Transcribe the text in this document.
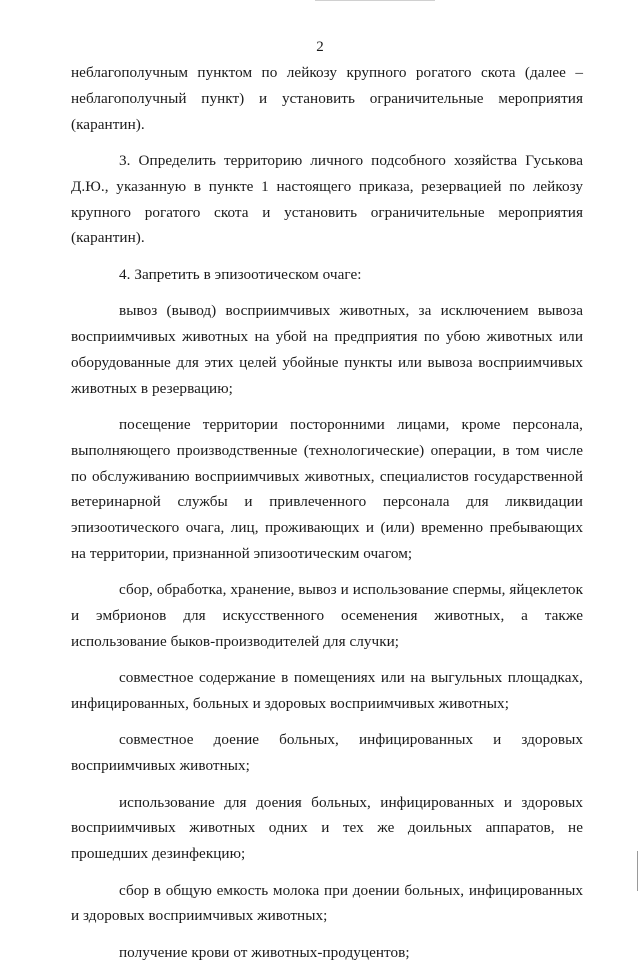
2

неблагополучным пунктом по лейкозу крупного рогатого скота (далее – неблагополучный пункт) и установить ограничительные мероприятия (карантин).

3. Определить территорию личного подсобного хозяйства Гуськова Д.Ю., указанную в пункте 1 настоящего приказа, резервацией по лейкозу крупного рогатого скота и установить ограничительные мероприятия (карантин).

4. Запретить в эпизоотическом очаге:

вывоз (вывод) восприимчивых животных, за исключением вывоза восприимчивых животных на убой на предприятия по убою животных или оборудованные для этих целей убойные пункты или вывоза восприимчивых животных в резервацию;

посещение территории посторонними лицами, кроме персонала, выполняющего производственные (технологические) операции, в том числе по обслуживанию восприимчивых животных, специалистов государственной ветеринарной службы и привлеченного персонала для ликвидации эпизоотического очага, лиц, проживающих и (или) временно пребывающих на территории, признанной эпизоотическим очагом;

сбор, обработка, хранение, вывоз и использование спермы, яйцеклеток и эмбрионов для искусственного осеменения животных, а также использование быков-производителей для случки;

совместное содержание в помещениях или на выгульных площадках, инфицированных, больных и здоровых восприимчивых животных;

совместное доение больных, инфицированных и здоровых восприимчивых животных;

использование для доения больных, инфицированных и здоровых восприимчивых животных одних и тех же доильных аппаратов, не прошедших дезинфекцию;

сбор в общую емкость молока при доении больных, инфицированных и здоровых восприимчивых животных;

получение крови от животных-продуцентов;
